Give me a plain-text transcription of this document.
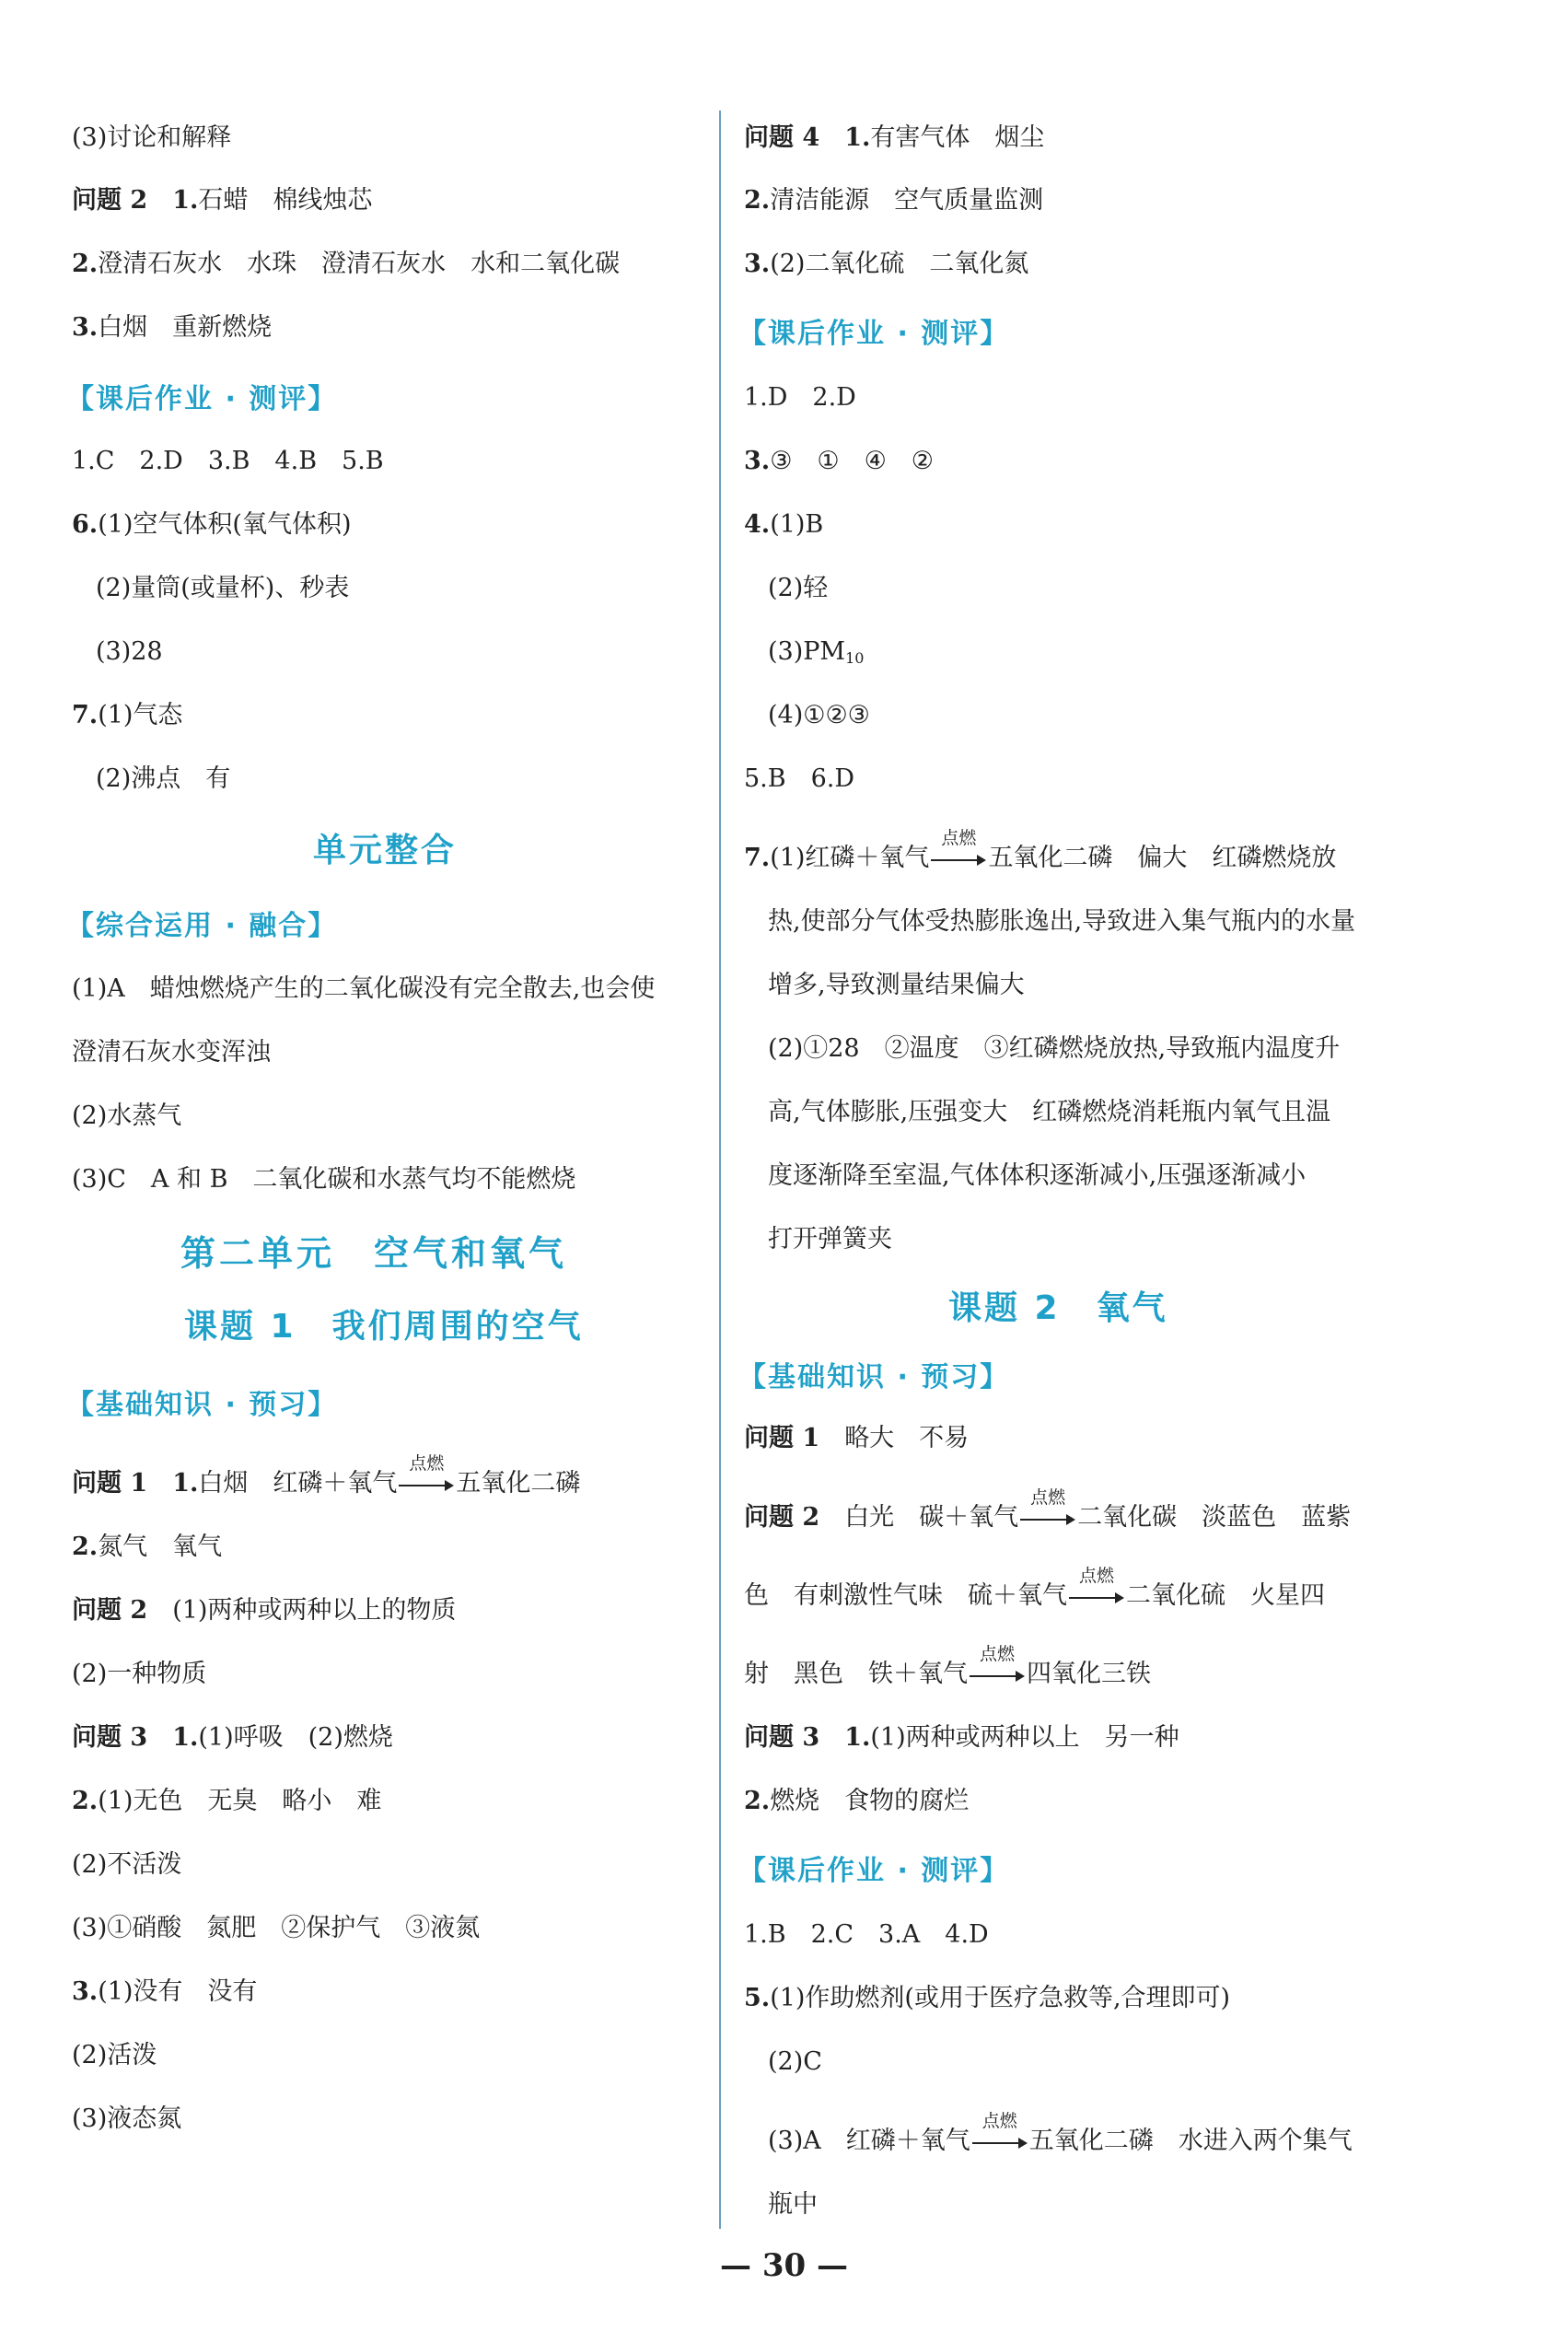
(3)讨论和解释
问题 2　 1.石蜡　棉线烛芯
2.澄清石灰水　水珠　澄清石灰水　水和二氧化碳
3.白烟　重新燃烧
【课后作业 · 测评】
1.C　2.D　3.B　4.B　5.B
6.(1)空气体积(氧气体积)
(2)量筒(或量杯)、秒表
(3)28
7.(1)气态
(2)沸点　有
单元整合
【综合运用 · 融合】
(1)A　蜡烛燃烧产生的二氧化碳没有完全散去,也会使
澄清石灰水变浑浊
(2)水蒸气
(3)C　A 和 B　二氧化碳和水蒸气均不能燃烧
第二单元　空气和氧气
课题 1　我们周围的空气
【基础知识 · 预习】
问题 1　 1.白烟　红磷＋氧气
点燃
五氧化二磷
2.氮气　氧气
问题 2　 (1)两种或两种以上的物质
(2)一种物质
问题 3　 1.(1)呼吸　(2)燃烧
2.(1)无色　无臭　略小　难
(2)不活泼
(3)①硝酸　氮肥　②保护气　③液氮
3.(1)没有　没有
(2)活泼
(3)液态氮
问题 4　 1.有害气体　烟尘
2.清洁能源　空气质量监测
3.(2)二氧化硫　二氧化氮
【课后作业 · 测评】
1.D　2.D
3.③　①　④　②
4.(1)B
(2)轻
$(3)PM_{10}$
(4)①②③
5.B　6.D
7.(1)红磷＋氧气
点燃
五氧化二磷　偏大　红磷燃烧放
热,使部分气体受热膨胀逸出,导致进入集气瓶内的水量
增多,导致测量结果偏大
(2)①28　②温度　③红磷燃烧放热,导致瓶内温度升
高,气体膨胀,压强变大　红磷燃烧消耗瓶内氧气且温
度逐渐降至室温,气体体积逐渐减小,压强逐渐减小
打开弹簧夹
课题 2　氧气
【基础知识 · 预习】
问题 1　 略大　不易
问题 2　 白光　碳＋氧气
点燃
二氧化碳　淡蓝色　蓝紫
色　有刺激性气味　硫＋氧气
点燃
二氧化硫　火星四
射　黑色　铁＋氧气
点燃
四氧化三铁
问题 3　 1.(1)两种或两种以上　另一种
2.燃烧　食物的腐烂
【课后作业 · 测评】
1.B　2.C　3.A　4.D
5.(1)作助燃剂(或用于医疗急救等,合理即可)
(2)C
(3)A　红磷＋氧气
点燃
五氧化二磷　水进入两个集气
瓶中
— 30 —
